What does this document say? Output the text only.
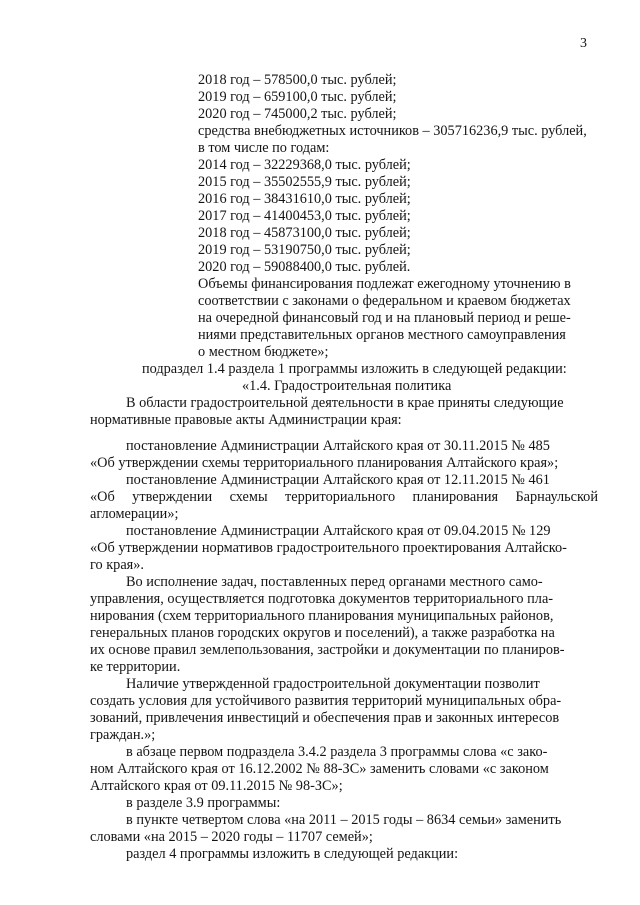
3
2018 год – 578500,0 тыс. рублей;
2019 год – 659100,0 тыс. рублей;
2020 год – 745000,2 тыс. рублей;
средства внебюджетных источников – 305716236,9 тыс. рублей,
в том числе по годам:
2014 год – 32229368,0 тыс. рублей;
2015 год – 35502555,9 тыс. рублей;
2016 год – 38431610,0 тыс. рублей;
2017 год – 41400453,0 тыс. рублей;
2018 год – 45873100,0 тыс. рублей;
2019 год – 53190750,0 тыс. рублей;
2020 год – 59088400,0 тыс. рублей.
Объемы финансирования подлежат ежегодному уточнению в
соответствии с законами о федеральном и краевом бюджетах
на очередной финансовый год и на плановый период и реше-
ниями представительных органов местного самоуправления
о местном бюджете»;
подраздел 1.4 раздела 1 программы изложить в следующей редакции:
«1.4. Градостроительная политика
В области градостроительной деятельности в крае приняты следующие
нормативные правовые акты Администрации края:
постановление Администрации Алтайского края от 30.11.2015 № 485
«Об утверждении схемы территориального планирования Алтайского края»;
постановление Администрации Алтайского края от 12.11.2015 № 461
«Об утверждении схемы территориального планирования Барнаульской
агломерации»;
постановление Администрации Алтайского края от 09.04.2015 № 129
«Об утверждении нормативов градостроительного проектирования Алтайско-
го края».
Во исполнение задач, поставленных перед органами местного само-
управления, осуществляется подготовка документов территориального пла-
нирования (схем территориального планирования муниципальных районов,
генеральных планов городских округов и поселений), а также разработка на
их основе правил землепользования, застройки и документации по планиров-
ке территории.
Наличие утвержденной градостроительной документации позволит
создать условия для устойчивого развития территорий муниципальных обра-
зований, привлечения инвестиций и обеспечения прав и законных интересов
граждан.»;
в абзаце первом подраздела 3.4.2 раздела 3 программы слова «с зако-
ном Алтайского края от 16.12.2002 № 88-ЗС» заменить словами «с законом
Алтайского края от 09.11.2015 № 98-ЗС»;
в разделе 3.9 программы:
в пункте четвертом слова «на 2011 – 2015 годы – 8634 семьи» заменить
словами «на 2015 – 2020 годы – 11707 семей»;
раздел 4 программы изложить в следующей редакции:
